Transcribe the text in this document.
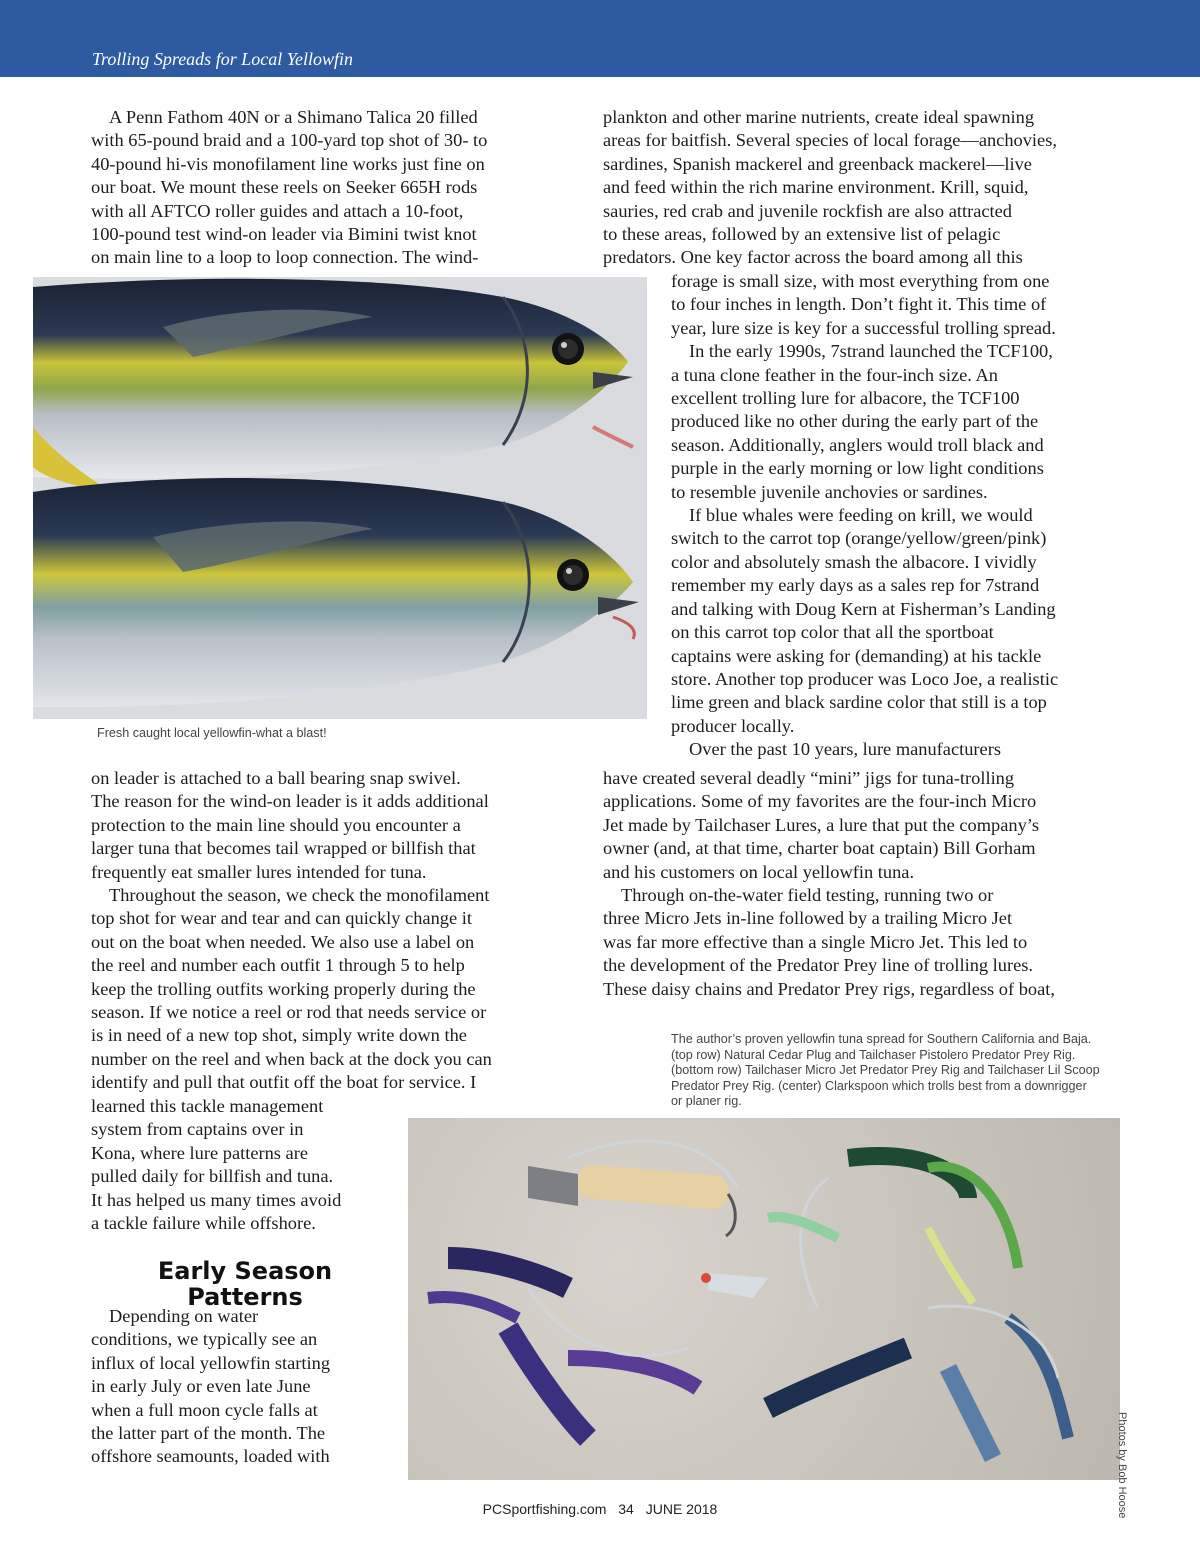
Trolling Spreads for Local Yellowfin

A Penn Fathom 40N or a Shimano Talica 20 filled

with 65-pound braid and a 100-yard top shot of 30- to

40-pound hi-vis monofilament line works just fine on

our boat. We mount these reels on Seeker 665H rods

with all AFTCO roller guides and attach a 10-foot,

100-pound test wind-on leader via Bimini twist knot

on main line to a loop to loop connection. The wind-

Fresh caught local yellowfin-what a blast!

on leader is attached to a ball bearing snap swivel.

The reason for the wind-on leader is it adds additional

protection to the main line should you encounter a

larger tuna that becomes tail wrapped or billfish that

frequently eat smaller lures intended for tuna.

Throughout the season, we check the monofilament

top shot for wear and tear and can quickly change it

out on the boat when needed. We also use a label on

the reel and number each outfit 1 through 5 to help

keep the trolling outfits working properly during the

season. If we notice a reel or rod that needs service or

is in need of a new top shot, simply write down the

number on the reel and when back at the dock you can

identify and pull that outfit off the boat for service. I

learned this tackle management

system from captains over in

Kona, where lure patterns are

pulled daily for billfish and tuna.

It has helped us many times avoid

a tackle failure while offshore.

Early Season
Patterns

Depending on water

conditions, we typically see an

influx of local yellowfin starting

in early July or even late June

when a full moon cycle falls at

the latter part of the month. The

offshore seamounts, loaded with

plankton and other marine nutrients, create ideal spawning

areas for baitfish. Several species of local forage—anchovies,

sardines, Spanish mackerel and greenback mackerel—live

and feed within the rich marine environment. Krill, squid,

sauries, red crab and juvenile rockfish are also attracted

to these areas, followed by an extensive list of pelagic

predators. One key factor across the board among all this

forage is small size, with most everything from one

to four inches in length. Don’t fight it. This time of

year, lure size is key for a successful trolling spread.

In the early 1990s, 7strand launched the TCF100,

a tuna clone feather in the four-inch size. An

excellent trolling lure for albacore, the TCF100

produced like no other during the early part of the

season. Additionally, anglers would troll black and

purple in the early morning or low light conditions

to resemble juvenile anchovies or sardines.

If blue whales were feeding on krill, we would

switch to the carrot top (orange/yellow/green/pink)

color and absolutely smash the albacore. I vividly

remember my early days as a sales rep for 7strand

and talking with Doug Kern at Fisherman’s Landing

on this carrot top color that all the sportboat

captains were asking for (demanding) at his tackle

store. Another top producer was Loco Joe, a realistic

lime green and black sardine color that still is a top

producer locally.

Over the past 10 years, lure manufacturers

have created several deadly “mini” jigs for tuna-trolling

applications. Some of my favorites are the four-inch Micro

Jet made by Tailchaser Lures, a lure that put the company’s

owner (and, at that time, charter boat captain) Bill Gorham

and his customers on local yellowfin tuna.

Through on-the-water field testing, running two or

three Micro Jets in-line followed by a trailing Micro Jet

was far more effective than a single Micro Jet. This led to

the development of the Predator Prey line of trolling lures.

These daisy chains and Predator Prey rigs, regardless of boat,

The author’s proven yellowfin tuna spread for Southern California and Baja.
(top row) Natural Cedar Plug and Tailchaser Pistolero Predator Prey Rig.
(bottom row) Tailchaser Micro Jet Predator Prey Rig and Tailchaser Lil Scoop
Predator Prey Rig. (center) Clarkspoon which trolls best from a downrigger
or planer rig.
Photos by Bob Hoose
PCSportfishing.com 34 JUNE 2018
